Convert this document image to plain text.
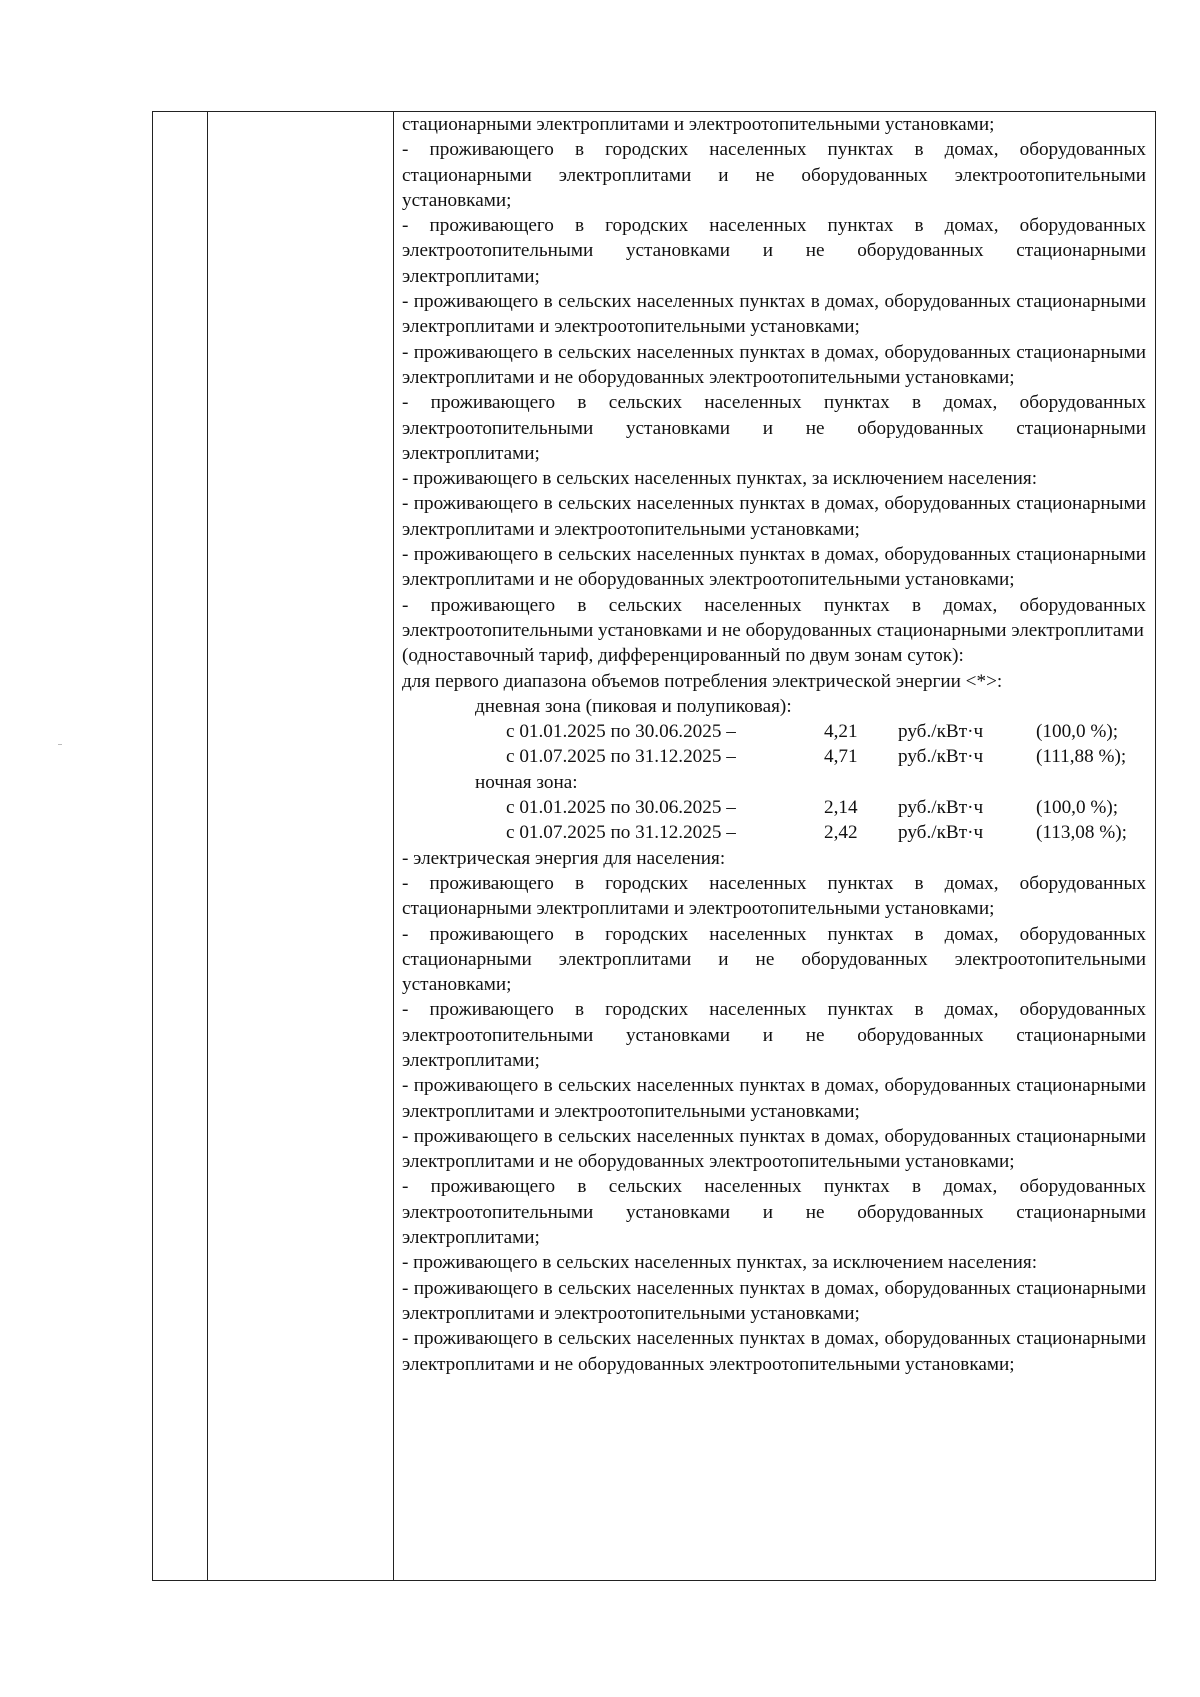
стационарными электроплитами и электроотопительными установками;

- проживающего в городских населенных пунктах в домах, оборудованных стационарными электроплитами и не оборудованных электроотопительными установками;

- проживающего в городских населенных пунктах в домах, оборудованных электроотопительными установками и не оборудованных стационарными электроплитами;

- проживающего в сельских населенных пунктах в домах, оборудованных стационарными электроплитами и электроотопительными установками;

- проживающего в сельских населенных пунктах в домах, оборудованных стационарными электроплитами и не оборудованных электроотопительными установками;

- проживающего в сельских населенных пунктах в домах, оборудованных электроотопительными установками и не оборудованных стационарными электроплитами;

- проживающего в сельских населенных пунктах, за исключением населения:

- проживающего в сельских населенных пунктах в домах, оборудованных стационарными электроплитами и электроотопительными установками;

- проживающего в сельских населенных пунктах в домах, оборудованных стационарными электроплитами и не оборудованных электроотопительными установками;

- проживающего в сельских населенных пунктах в домах, оборудованных электроотопительными установками и не оборудованных стационарными электроплитами

(одноставочный тариф, дифференцированный по двум зонам суток):

для первого диапазона объемов потребления электрической энергии <*>:

дневная зона (пиковая и полупиковая):

с 01.01.2025 по 30.06.2025 –	4,21	руб./кВт·ч	(100,0 %);
с 01.07.2025 по 31.12.2025 –	4,71	руб./кВт·ч	(111,88 %);

ночная зона:

с 01.01.2025 по 30.06.2025 –	2,14	руб./кВт·ч	(100,0 %);
с 01.07.2025 по 31.12.2025 –	2,42	руб./кВт·ч	(113,08 %);

- электрическая энергия для населения:

- проживающего в городских населенных пунктах в домах, оборудованных стационарными электроплитами и электроотопительными установками;

- проживающего в городских населенных пунктах в домах, оборудованных стационарными электроплитами и не оборудованных электроотопительными установками;

- проживающего в городских населенных пунктах в домах, оборудованных электроотопительными установками и не оборудованных стационарными электроплитами;

- проживающего в сельских населенных пунктах в домах, оборудованных стационарными электроплитами и электроотопительными установками;

- проживающего в сельских населенных пунктах в домах, оборудованных стационарными электроплитами и не оборудованных электроотопительными установками;

- проживающего в сельских населенных пунктах в домах, оборудованных электроотопительными установками и не оборудованных стационарными электроплитами;

- проживающего в сельских населенных пунктах, за исключением населения:

- проживающего в сельских населенных пунктах в домах, оборудованных стационарными электроплитами и электроотопительными установками;

- проживающего в сельских населенных пунктах в домах, оборудованных стационарными электроплитами и не оборудованных электроотопительными установками;
